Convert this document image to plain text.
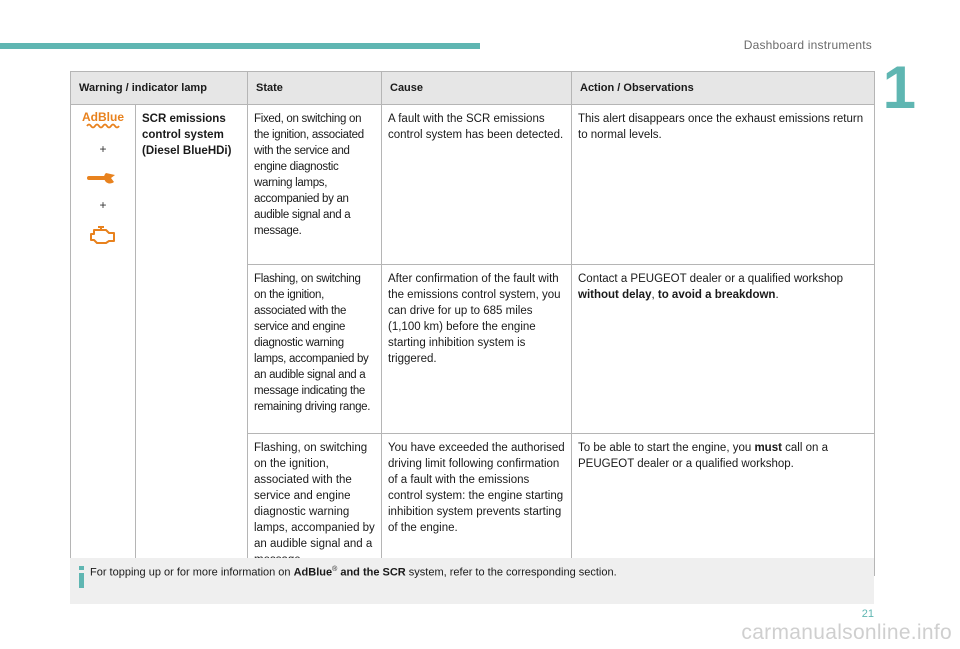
Dashboard instruments
1
Warning / indicator lamp		State	Cause	Action / Observations

AdBlue
+
+	SCR emissions control system (Diesel BlueHDi)	Fixed, on switching on the ignition, associated with the service and engine diagnostic warning lamps, accompanied by an audible signal and a message.	A fault with the SCR emissions control system has been detected.	This alert disappears once the exhaust emissions return to normal levels.
		Flashing, on switching on the ignition, associated with the service and engine diagnostic warning lamps, accompanied by an audible signal and a message indicating the remaining driving range.	After confirmation of the fault with the emissions control system, you can drive for up to 685 miles (1,100 km) before the engine starting inhibition system is triggered.	Contact a PEUGEOT dealer or a qualified workshop without delay, to avoid a breakdown.
		Flashing, on switching on the ignition, associated with the service and engine diagnostic warning lamps, accompanied by an audible signal and a	You have exceeded the authorised driving limit following confirmation of a fault with the emissions control system: the engine starting inhibition system prevents starting of the engine.	To be able to start the engine, you must call on a PEUGEOT dealer or a qualified workshop.
For topping up or for more information on AdBlue® and the SCR system, refer to the corresponding section.
21
carmanualsonline.info
